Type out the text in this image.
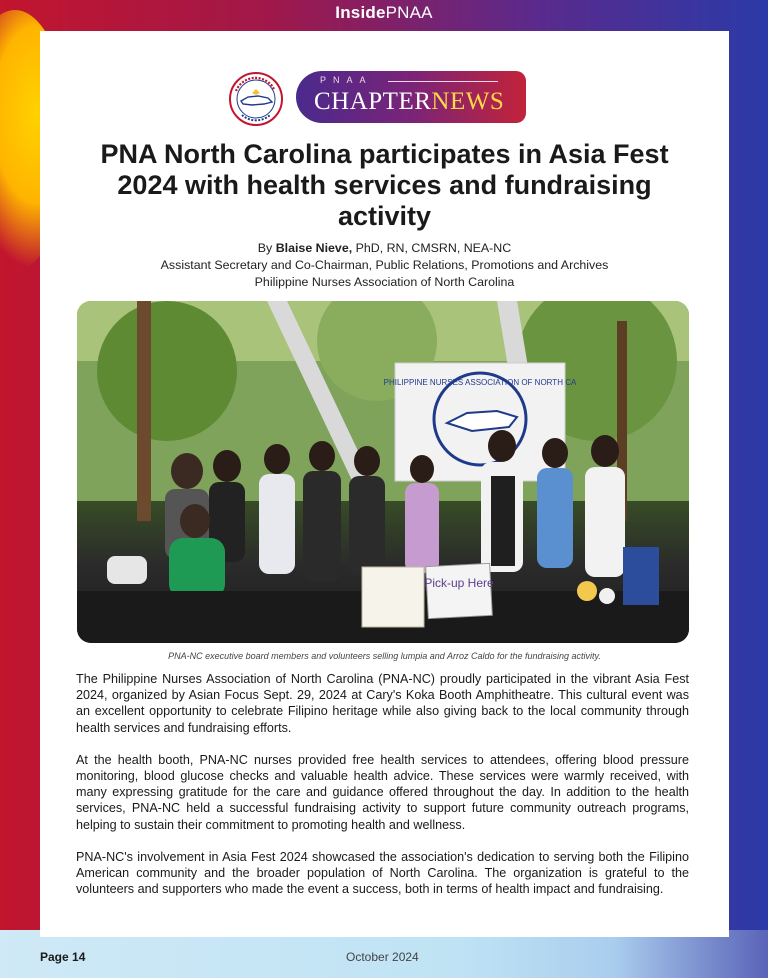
InsidePNAA
PNAA
CHAPTERNEWS
PNA North Carolina participates in Asia Fest 2024 with health services and fundraising activity
By Blaise Nieve, PhD, RN, CMSRN, NEA-NC
Assistant Secretary and Co-Chairman, Public Relations, Promotions and Archives
Philippine Nurses Association of North Carolina
PHILIPPINE NURSES ASSOCIATION OF NORTH CA
Pick-up Here
PNA-NC executive board members and volunteers selling lumpia and Arroz Caldo for the fundraising activity.

The Philippine Nurses Association of North Carolina (PNA-NC) proudly participated in the vibrant Asia Fest 2024, organized by Asian Focus Sept. 29, 2024 at Cary's Koka Booth Amphitheatre. This cultural event was an excellent opportunity to celebrate Filipino heritage while also giving back to the local community through health services and fundraising efforts.

At the health booth, PNA-NC nurses provided free health services to attendees, offering blood pressure monitoring, blood glucose checks and valuable health advice. These services were warmly received, with many expressing gratitude for the care and guidance offered throughout the day. In addition to the health services, PNA-NC held a successful fundraising activity to support future community outreach programs, helping to sustain their commitment to promoting health and wellness.

PNA-NC's involvement in Asia Fest 2024 showcased the association's dedication to serving both the Filipino American community and the broader population of North Carolina. The organization is grateful to the volunteers and supporters who made the event a success, both in terms of health impact and fundraising.

Page 14	October 2024
